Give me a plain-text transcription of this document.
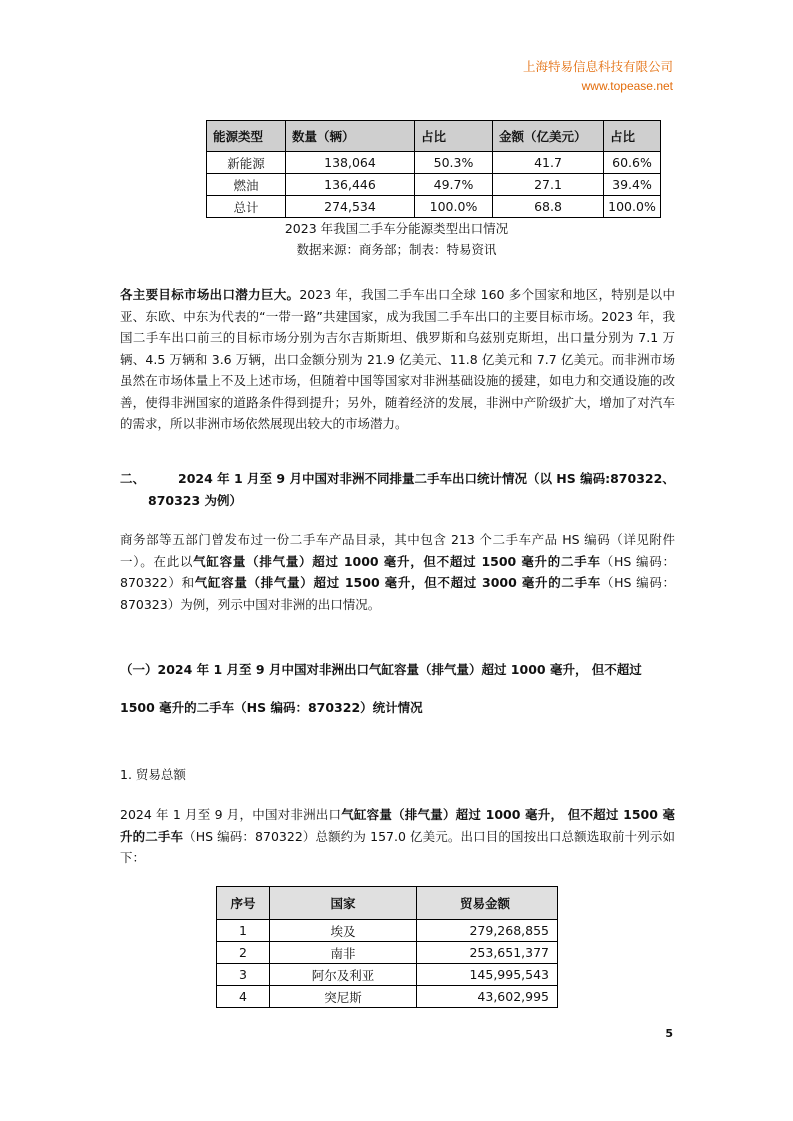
上海特易信息科技有限公司
www.topease.net
能源类型	数量（辆）	占比	金额（亿美元）	占比
新能源	138,064	50.3%	41.7	60.6%
燃油	136,446	49.7%	27.1	39.4%
总计	274,534	100.0%	68.8	100.0%
2023 年我国二手车分能源类型出口情况
数据来源：商务部；制表：特易资讯
各主要目标市场出口潜力巨大。2023 年，我国二手车出口全球 160 多个国家和地区，特别是以中亚、东欧、中东为代表的“一带一路”共建国家，成为我国二手车出口的主要目标市场。2023 年，我国二手车出口前三的目标市场分别为吉尔吉斯斯坦、俄罗斯和乌兹别克斯坦，出口量分别为 7.1 万辆、4.5 万辆和 3.6 万辆，出口金额分别为 21.9 亿美元、11.8 亿美元和 7.7 亿美元。而非洲市场虽然在市场体量上不及上述市场，但随着中国等国家对非洲基础设施的援建，如电力和交通设施的改善，使得非洲国家的道路条件得到提升；另外，随着经济的发展，非洲中产阶级扩大，增加了对汽车的需求，所以非洲市场依然展现出较大的市场潜力。
二、	2024 年 1 月至 9 月中国对非洲不同排量二手车出口统计情况（以 HS 编码:870322、
870323 为例）
商务部等五部门曾发布过一份二手车产品目录，其中包含 213 个二手车产品 HS 编码（详见附件一）。在此以气缸容量（排气量）超过 1000 毫升，但不超过 1500 毫升的二手车（HS 编码：870322）和气缸容量（排气量）超过 1500 毫升，但不超过 3000 毫升的二手车（HS 编码：870323）为例，列示中国对非洲的出口情况。
（一）2024 年 1 月至 9 月中国对非洲出口气缸容量（排气量）超过 1000 毫升， 但不超过
1500 毫升的二手车（HS 编码：870322）统计情况
1. 贸易总额
2024 年 1 月至 9 月，中国对非洲出口气缸容量（排气量）超过 1000 毫升， 但不超过 1500 毫升的二手车（HS 编码：870322）总额约为 157.0 亿美元。出口目的国按出口总额选取前十列示如下：
序号	国家	贸易金额
1	埃及	279,268,855
2	南非	253,651,377
3	阿尔及利亚	145,995,543
4	突尼斯	43,602,995
5
